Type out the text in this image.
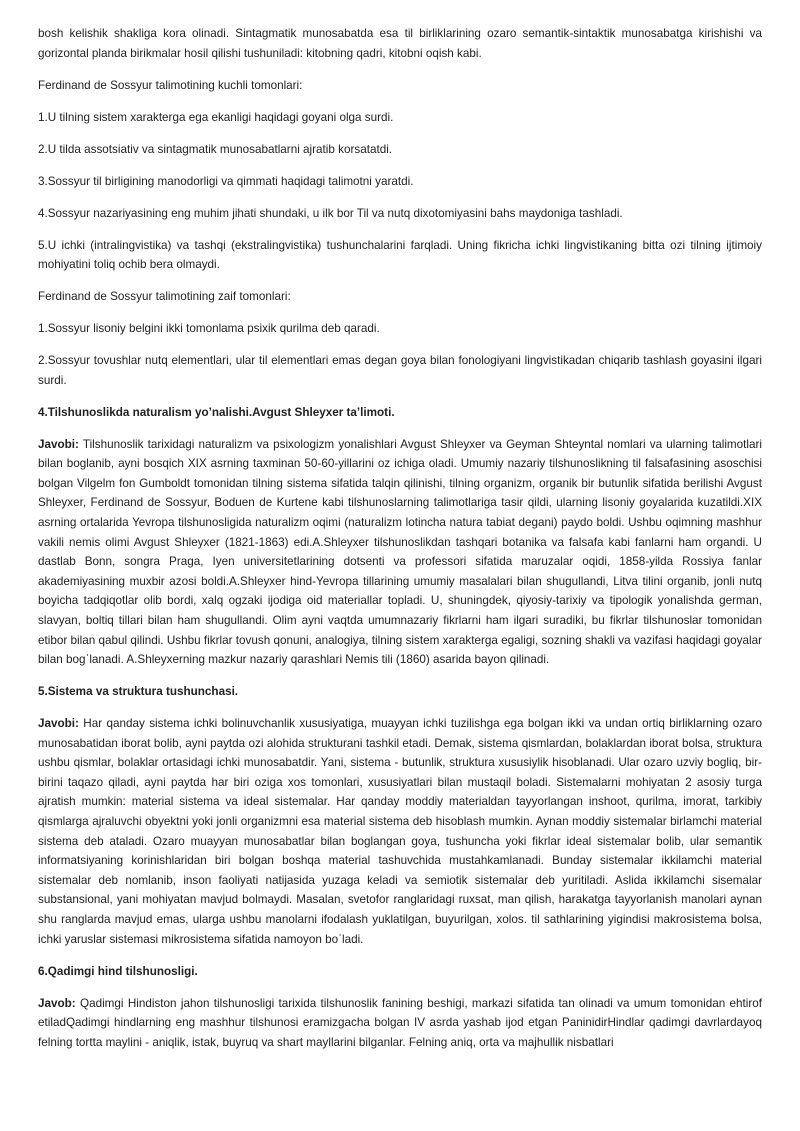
bosh kelishik shakliga kora olinadi. Sintagmatik munosabatda esa til birliklarining ozaro semantik-sintaktik munosabatga kirishishi va gorizontal planda birikmalar hosil qilishi tushuniladi: kitobning qadri, kitobni oqish kabi.

Ferdinand de Sossyur talimotining kuchli tomonlari:

1.U tilning sistem xarakterga ega ekanligi haqidagi goyani olga surdi.

2.U tilda assotsiativ va sintagmatik munosabatlarni ajratib korsatatdi.

3.Sossyur til birligining manodorligi va qimmati haqidagi talimotni yaratdi.

4.Sossyur nazariyasining eng muhim jihati shundaki, u ilk bor Til va nutq dixotomiyasini bahs maydoniga tashladi.

5.U ichki (intralingvistika) va tashqi (ekstralingvistika) tushunchalarini farqladi. Uning fikricha ichki lingvistikaning bitta ozi tilning ijtimoiy mohiyatini toliq ochib bera olmaydi.

Ferdinand de Sossyur talimotining zaif tomonlari:

1.Sossyur lisoniy belgini ikki tomonlama psixik qurilma deb qaradi.

2.Sossyur tovushlar nutq elementlari, ular til elementlari emas degan goya bilan fonologiyani lingvistikadan chiqarib tashlash goyasini ilgari surdi.

4.Tilshunoslikda naturalism yo’nalishi.Avgust Shleyxer ta’limoti.

Javobi: Tilshunoslik tarixidagi naturalizm va psixologizm yonalishlari Avgust Shleyxer va Geyman Shteyntal nomlari va ularning talimotlari bilan boglanib, ayni bosqich XIX asrning taxminan 50-60-yillarini oz ichiga oladi. Umumiy nazariy tilshunoslikning til falsafasining asoschisi bolgan Vilgelm fon Gumboldt tomonidan tilning sistema sifatida talqin qilinishi, tilning organizm, organik bir butunlik sifatida berilishi Avgust Shleyxer, Ferdinand de Sossyur, Boduen de Kurtene kabi tilshunoslarning talimotlariga tasir qildi, ularning lisoniy goyalarida kuzatildi.XIX asrning ortalarida Yevropa tilshunosligida naturalizm oqimi (naturalizm lotincha natura tabiat degani) paydo boldi. Ushbu oqimning mashhur vakili nemis olimi Avgust Shleyxer (1821-1863) edi.A.Shleyxer tilshunoslikdan tashqari botanika va falsafa kabi fanlarni ham organdi. U dastlab Bonn, songra Praga, Iyen universitetlarining dotsenti va professori sifatida maruzalar oqidi, 1858-yilda Rossiya fanlar akademiyasining muxbir azosi boldi.A.Shleyxer hind-Yevropa tillarining umumiy masalalari bilan shugullandi, Litva tilini organib, jonli nutq boyicha tadqiqotlar olib bordi, xalq ogzaki ijodiga oid materiallar topladi. U, shuningdek, qiyosiy-tarixiy va tipologik yonalishda german, slavyan, boltiq tillari bilan ham shugullandi. Olim ayni vaqtda umumnazariy fikrlarni ham ilgari suradiki, bu fikrlar tilshunoslar tomonidan etibor bilan qabul qilindi. Ushbu fikrlar tovush qonuni, analogiya, tilning sistem xarakterga egaligi, sozning shakli va vazifasi haqidagi goyalar bilan bogˈlanadi. A.Shleyxerning mazkur nazariy qarashlari Nemis tili (1860) asarida bayon qilinadi.

5.Sistema va struktura tushunchasi.

Javobi: Har qanday sistema ichki bolinuvchanlik xususiyatiga, muayyan ichki tuzilishga ega bolgan ikki va undan ortiq birliklarning ozaro munosabatidan iborat bolib, ayni paytda ozi alohida strukturani tashkil etadi. Demak, sistema qismlardan, bolaklardan iborat bolsa, struktura ushbu qismlar, bolaklar ortasidagi ichki munosabatdir. Yani, sistema - butunlik, struktura xususiylik hisoblanadi. Ular ozaro uzviy bogliq, bir-birini taqazo qiladi, ayni paytda har biri oziga xos tomonlari, xususiyatlari bilan mustaqil boladi. Sistemalarni mohiyatan 2 asosiy turga ajratish mumkin: material sistema va ideal sistemalar. Har qanday moddiy materialdan tayyorlangan inshoot, qurilma, imorat, tarkibiy qismlarga ajraluvchi obyektni yoki jonli organizmni esa material sistema deb hisoblash mumkin. Aynan moddiy sistemalar birlamchi material sistema deb ataladi. Ozaro muayyan munosabatlar bilan boglangan goya, tushuncha yoki fikrlar ideal sistemalar bolib, ular semantik informatsiyaning korinishlaridan biri bolgan boshqa material tashuvchida mustahkamlanadi. Bunday sistemalar ikkilamchi material sistemalar deb nomlanib, inson faoliyati natijasida yuzaga keladi va semiotik sistemalar deb yuritiladi. Aslida ikkilamchi sisemalar substansional, yani mohiyatan mavjud bolmaydi. Masalan, svetofor ranglaridagi ruxsat, man qilish, harakatga tayyorlanish manolari aynan shu ranglarda mavjud emas, ularga ushbu manolarni ifodalash yuklatilgan, buyurilgan, xolos. til sathlarining yigindisi makrosistema bolsa, ichki yaruslar sistemasi mikrosistema sifatida namoyon boˈladi.

6.Qadimgi hind tilshunosligi.

Javob: Qadimgi Hindiston jahon tilshunosligi tarixida tilshunoslik fanining beshigi, markazi sifatida tan olinadi va umum tomonidan ehtirof etiladQadimgi hindlarning eng mashhur tilshunosi eramizgacha bolgan IV asrda yashab ijod etgan PaninidirHindlar qadimgi davrlardayoq felning tortta maylini - aniqlik, istak, buyruq va shart mayllarini bilganlar. Felning aniq, orta va majhullik nisbatlari
